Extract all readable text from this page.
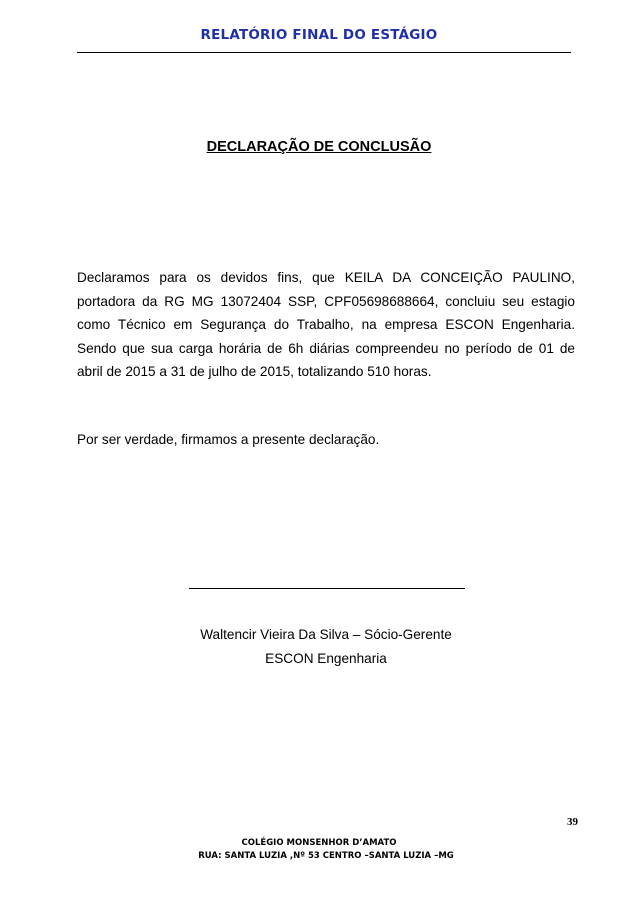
RELATÓRIO FINAL DO ESTÁGIO
DECLARAÇÃO DE CONCLUSÃO

Declaramos para os devidos fins, que KEILA DA CONCEIÇÃO PAULINO, portadora da RG MG 13072404 SSP, CPF05698688664, concluiu seu estagio como Técnico em Segurança do Trabalho, na empresa ESCON Engenharia. Sendo que sua carga horária de 6h diárias compreendeu no período de 01 de abril de 2015 a 31 de julho de 2015, totalizando 510 horas.

Por ser verdade, firmamos a presente declaração.

Waltencir Vieira Da Silva – Sócio-Gerente
ESCON Engenharia
39
COLÉGIO MONSENHOR D’AMATO
RUA: SANTA LUZIA ,Nº 53 CENTRO –SANTA LUZIA –MG
